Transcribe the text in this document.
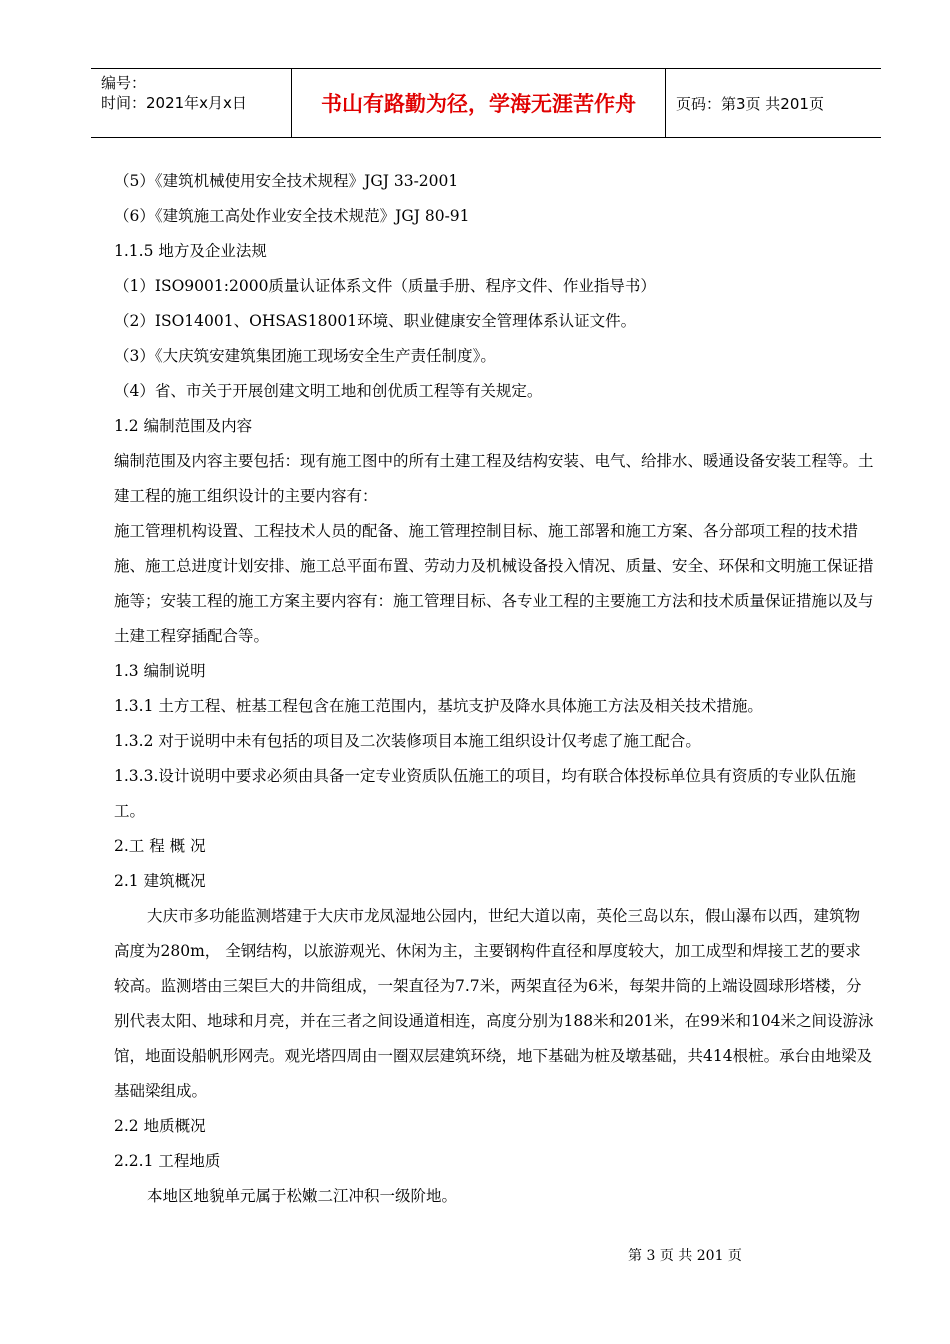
编号：
时间：2021年x月x日	书山有路勤为径，学海无涯苦作舟	页码：第3页 共201页

（5）《建筑机械使用安全技术规程》JGJ 33-2001

（6）《建筑施工高处作业安全技术规范》JGJ 80-91

1.1.5 地方及企业法规

（1）ISO9001:2000质量认证体系文件（质量手册、程序文件、作业指导书）

（2）ISO14001、OHSAS18001环境、职业健康安全管理体系认证文件。

（3）《大庆筑安建筑集团施工现场安全生产责任制度》。

（4）省、市关于开展创建文明工地和创优质工程等有关规定。

1.2 编制范围及内容

编制范围及内容主要包括：现有施工图中的所有土建工程及结构安装、电气、给排水、暖通设备安装工程等。土建工程的施工组织设计的主要内容有：

施工管理机构设置、工程技术人员的配备、施工管理控制目标、施工部署和施工方案、各分部项工程的技术措施、施工总进度计划安排、施工总平面布置、劳动力及机械设备投入情况、质量、安全、环保和文明施工保证措施等；安装工程的施工方案主要内容有：施工管理目标、各专业工程的主要施工方法和技术质量保证措施以及与土建工程穿插配合等。

1.3 编制说明

1.3.1 土方工程、桩基工程包含在施工范围内，基坑支护及降水具体施工方法及相关技术措施。

1.3.2 对于说明中未有包括的项目及二次装修项目本施工组织设计仅考虑了施工配合。

1.3.3.设计说明中要求必须由具备一定专业资质队伍施工的项目，均有联合体投标单位具有资质的专业队伍施工。

2.工 程 概 况

2.1 建筑概况

大庆市多功能监测塔建于大庆市龙凤湿地公园内，世纪大道以南，英伦三岛以东，假山瀑布以西，建筑物高度为280m， 全钢结构，以旅游观光、休闲为主，主要钢构件直径和厚度较大，加工成型和焊接工艺的要求较高。监测塔由三架巨大的井筒组成，一架直径为7.7米，两架直径为6米，每架井筒的上端设圆球形塔楼，分别代表太阳、地球和月亮，并在三者之间设通道相连，高度分别为188米和201米，在99米和104米之间设游泳馆，地面设船帆形网壳。观光塔四周由一圈双层建筑环绕，地下基础为桩及墩基础，共414根桩。承台由地梁及基础梁组成。

2.2 地质概况

2.2.1 工程地质

本地区地貌单元属于松嫩二江冲积一级阶地。

第 3 页 共 201 页
